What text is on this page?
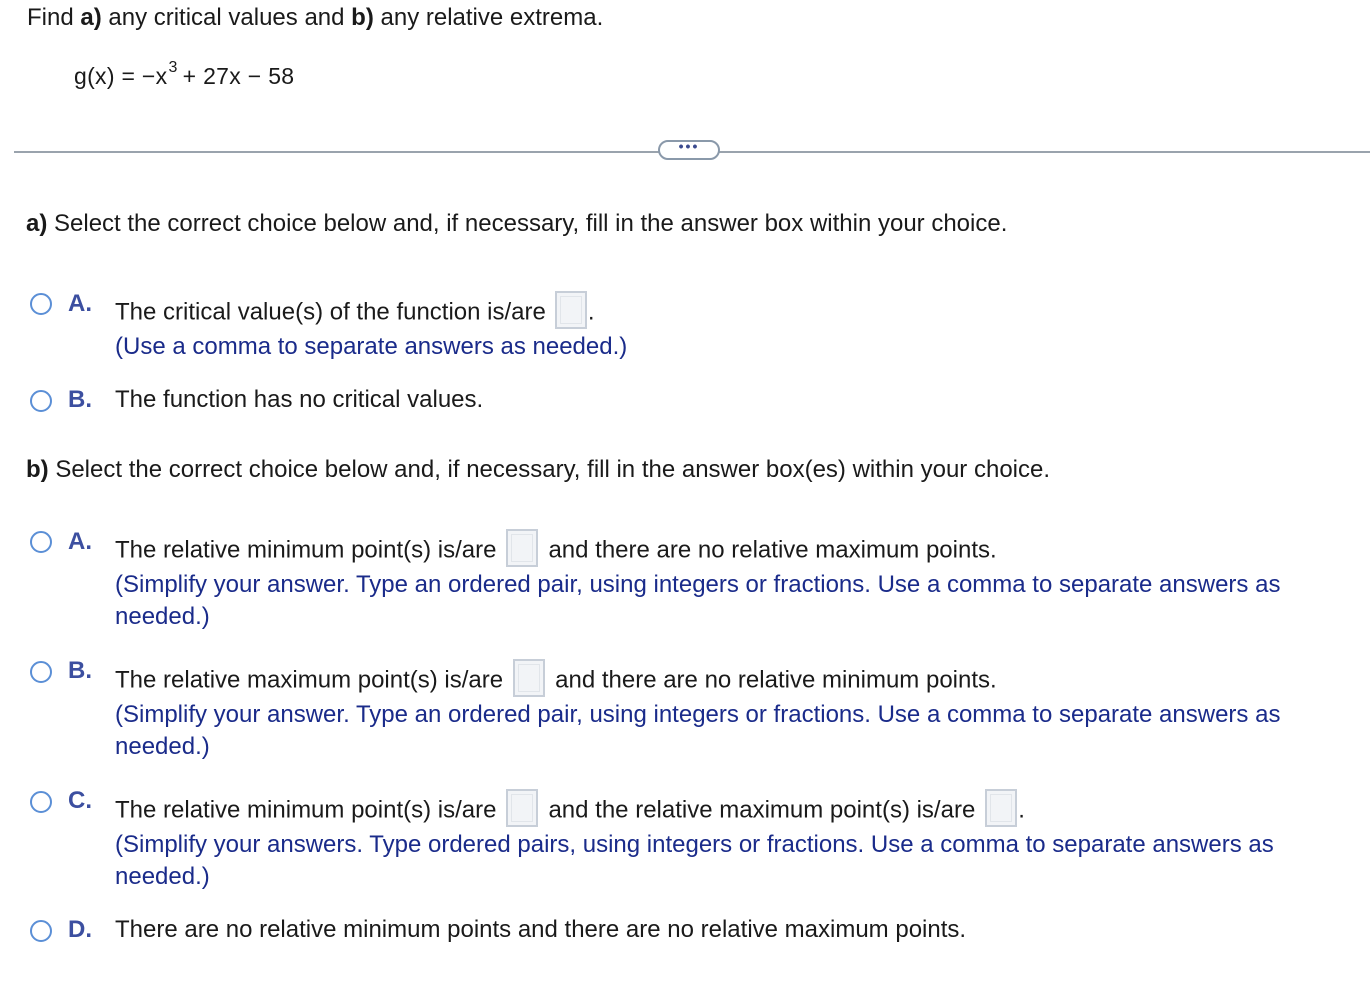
Find a) any critical values and b) any relative extrema.
$g(x) = -x^3 + 27x - 58$
•••
a) Select the correct choice below and, if necessary, fill in the answer box within your choice.
A. The critical value(s) of the function is/are .
(Use a comma to separate answers as needed.)
B. The function has no critical values.
b) Select the correct choice below and, if necessary, fill in the answer box(es) within your choice.
A. The relative minimum point(s) is/are and there are no relative maximum points.
(Simplify your answer. Type an ordered pair, using integers or fractions. Use a comma to separate answers as needed.)
B. The relative maximum point(s) is/are and there are no relative minimum points.
(Simplify your answer. Type an ordered pair, using integers or fractions. Use a comma to separate answers as needed.)
C. The relative minimum point(s) is/are and the relative maximum point(s) is/are .
(Simplify your answers. Type ordered pairs, using integers or fractions. Use a comma to separate answers as needed.)
D. There are no relative minimum points and there are no relative maximum points.
